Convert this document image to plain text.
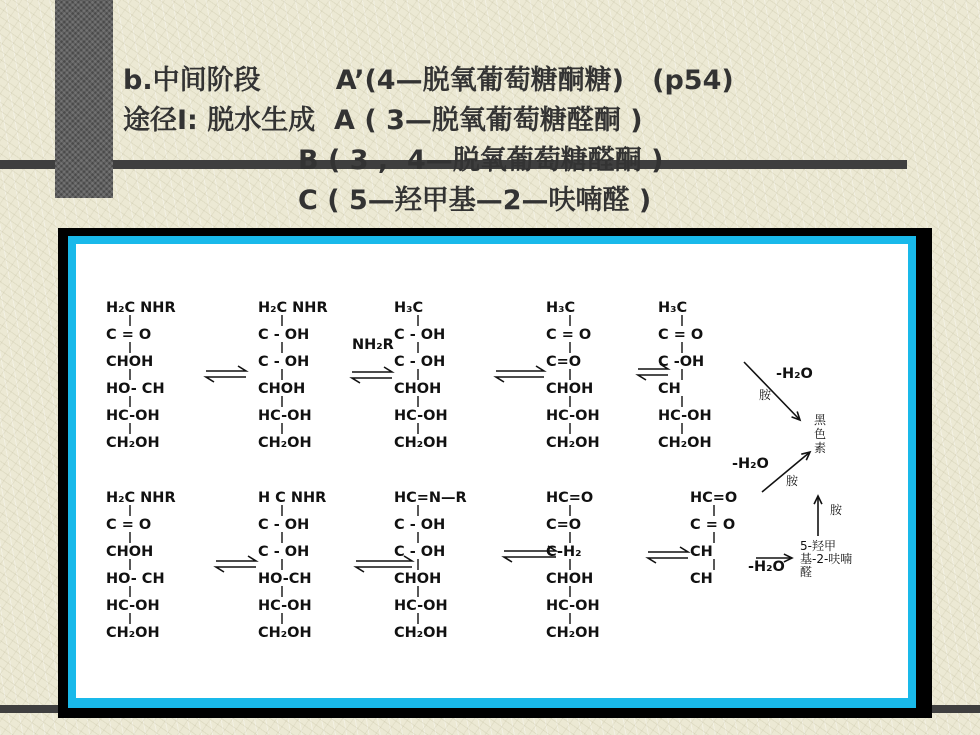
b.中间阶段        A’(4—脱氧葡萄糖酮糖)   (p54)
途径Ⅰ: 脱水生成  A ( 3—脱氧葡萄糖醛酮 )
B ( 3 ,  4—脱氧葡萄糖醛酮 )
C ( 5—羟甲基—2—呋喃醛 )
H₂C NHR
C = O
CHOH
HO- CH
HC-OH
CH₂OH
H₂C NHR
C - OH
C - OH
CHOH
HC-OH
CH₂OH
H₃C
C - OH
C - OH
CHOH
HC-OH
CH₂OH
H₃C
C = O
C=O
CHOH
HC-OH
CH₂OH
H₃C
C = O
C -OH
CH
HC-OH
CH₂OH
H₂C NHR
C = O
CHOH
HO- CH
HC-OH
CH₂OH
H C NHR
C - OH
C - OH
HO-CH
HC-OH
CH₂OH
HC=N—R
C - OH
C - OH
CHOH
HC-OH
CH₂OH
HC=O
C=O
C-H₂
CHOH
HC-OH
CH₂OH
HC=O
C = O
CH
CH
NH₂R
-H₂O
-H₂O
-H₂O
胺
胺
胺
黑
色
素
5-羟甲
基-2-呋喃
醛
